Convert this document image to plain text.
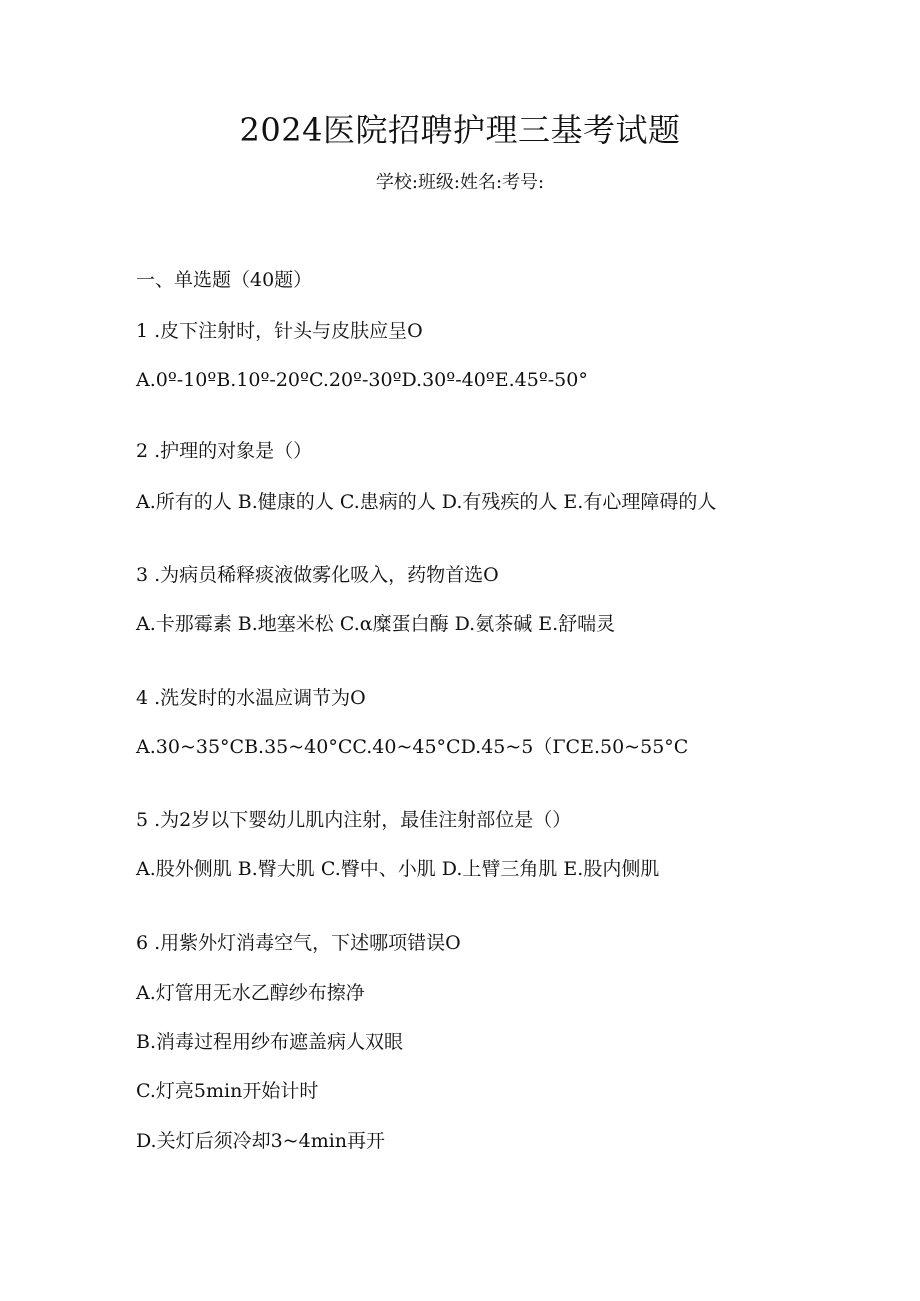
2024医院招聘护理三基考试题
学校:班级:姓名:考号:
一、单选题（40题）
1 .皮下注射时，针头与皮肤应呈O
A.0º-10ºB.10º-20ºC.20º-30ºD.30º-40ºE.45º-50°
2 .护理的对象是（）
A.所有的人 B.健康的人 C.患病的人 D.有残疾的人 E.有心理障碍的人
3 .为病员稀释痰液做雾化吸入，药物首选O
A.卡那霉素 B.地塞米松 C.α糜蛋白酶 D.氨茶碱 E.舒喘灵
4 .洗发时的水温应调节为O
A.30~35°CB.35~40°CC.40~45°CD.45~5（ΓCE.50~55°C
5 .为2岁以下婴幼儿肌内注射，最佳注射部位是（）
A.股外侧肌 B.臀大肌 C.臀中、小肌 D.上臂三角肌 E.股内侧肌
6 .用紫外灯消毒空气，下述哪项错误O
A.灯管用无水乙醇纱布擦净
B.消毒过程用纱布遮盖病人双眼
C.灯亮5min开始计时
D.关灯后须冷却3~4min再开
